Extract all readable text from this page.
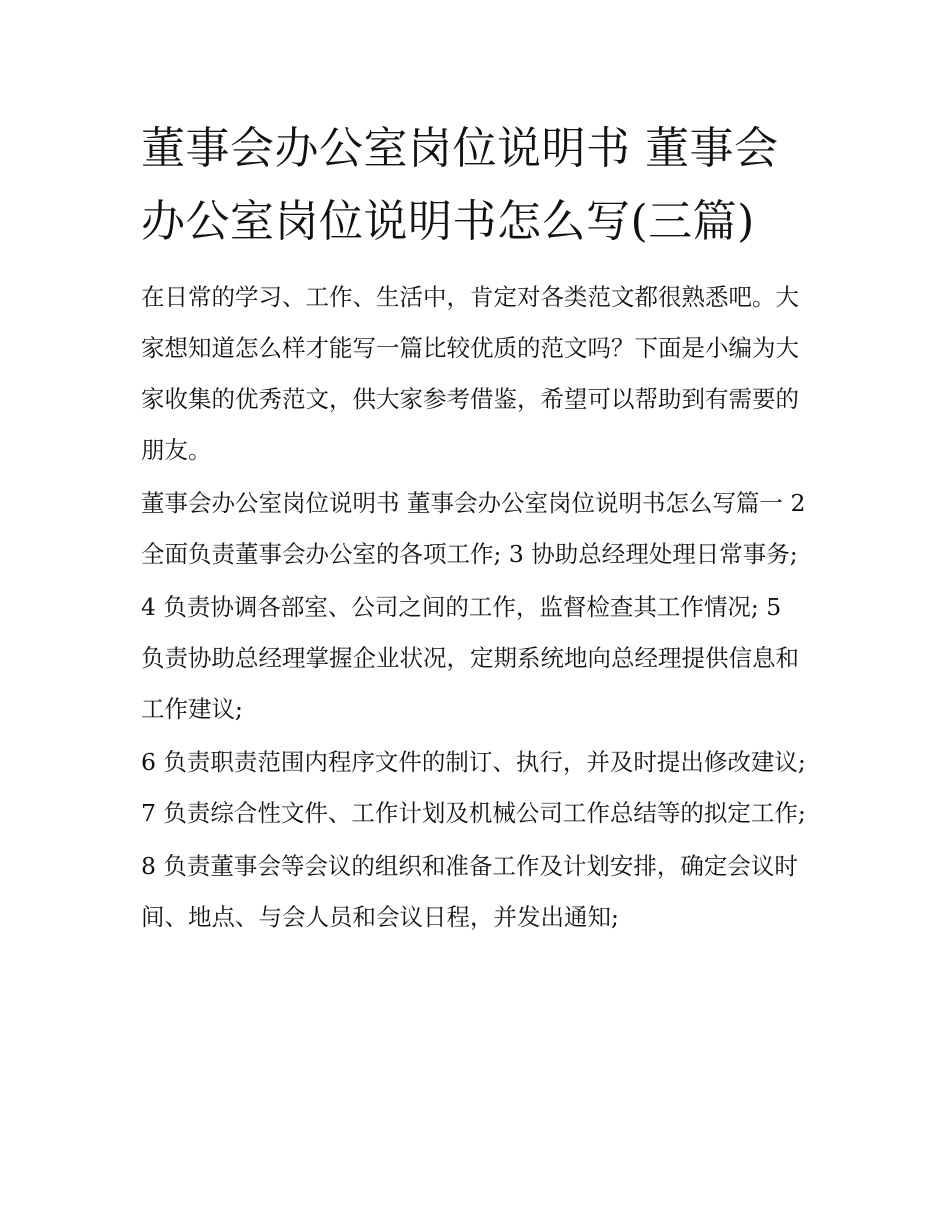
董事会办公室岗位说明书 董事会办公室岗位说明书怎么写(三篇)

在日常的学习、工作、生活中，肯定对各类范文都很熟悉吧。大家想知道怎么样才能写一篇比较优质的范文吗？下面是小编为大家收集的优秀范文，供大家参考借鉴，希望可以帮助到有需要的朋友。

董事会办公室岗位说明书 董事会办公室岗位说明书怎么写篇一 2 全面负责董事会办公室的各项工作; 3 协助总经理处理日常事务;

4 负责协调各部室、公司之间的工作，监督检查其工作情况; 5 负责协助总经理掌握企业状况，定期系统地向总经理提供信息和工作建议;

6 负责职责范围内程序文件的制订、执行，并及时提出修改建议; 7 负责综合性文件、工作计划及机械公司工作总结等的拟定工作;

8 负责董事会等会议的组织和准备工作及计划安排，确定会议时间、地点、与会人员和会议日程，并发出通知;
